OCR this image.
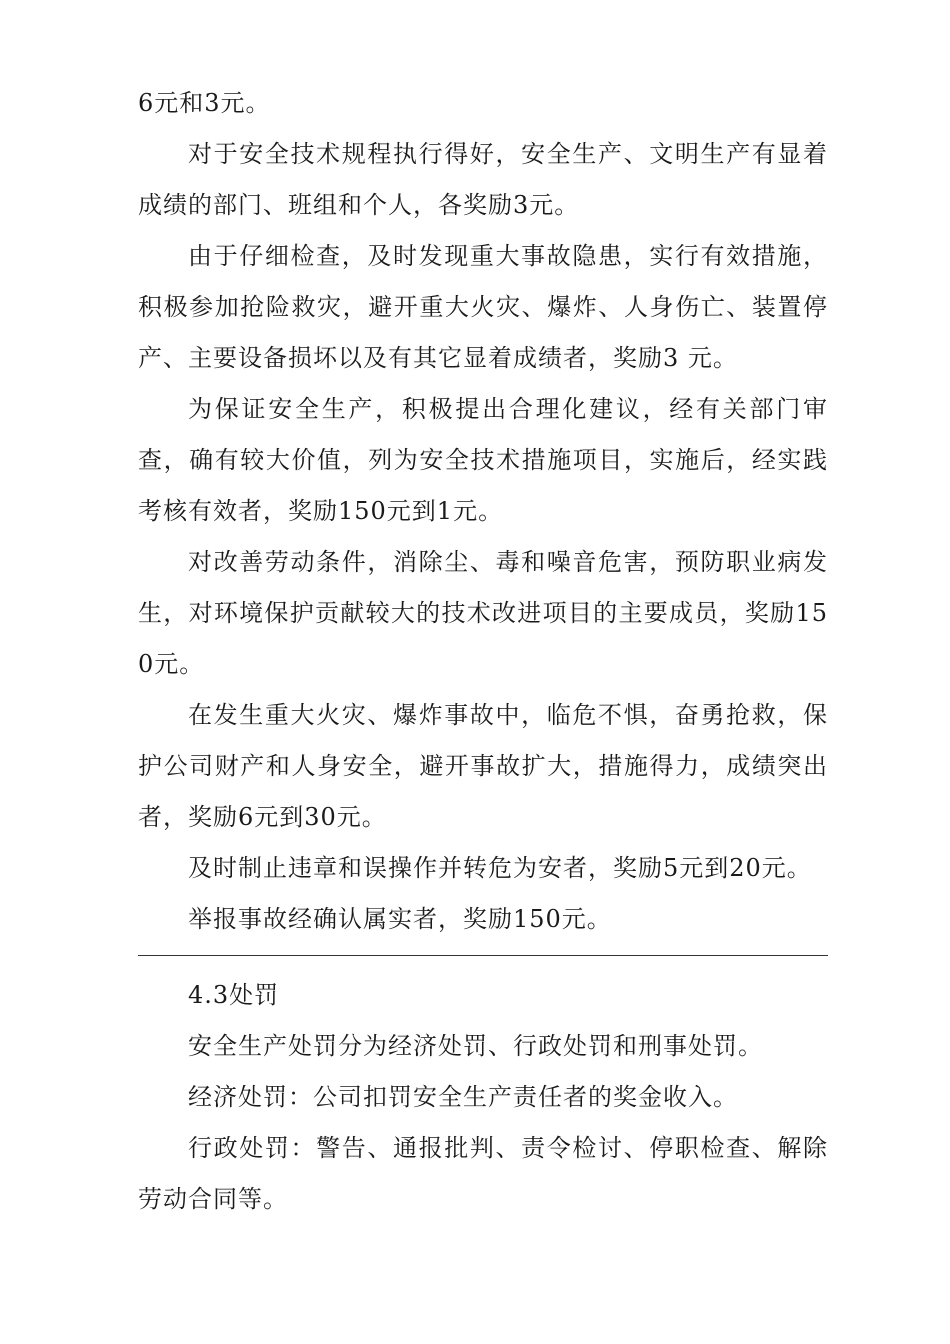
6元和3元。

对于安全技术规程执行得好，安全生产、文明生产有显着成绩的部门、班组和个人，各奖励3元。

由于仔细检查，及时发现重大事故隐患，实行有效措施，积极参加抢险救灾，避开重大火灾、爆炸、人身伤亡、装置停产、主要设备损坏以及有其它显着成绩者，奖励3 元。

为保证安全生产，积极提出合理化建议，经有关部门审查，确有较大价值，列为安全技术措施项目，实施后，经实践考核有效者，奖励150元到1元。

对改善劳动条件，消除尘、毒和噪音危害，预防职业病发生，对环境保护贡献较大的技术改进项目的主要成员，奖励150元。

在发生重大火灾、爆炸事故中，临危不惧，奋勇抢救，保护公司财产和人身安全，避开事故扩大，措施得力，成绩突出者，奖励6元到30元。

及时制止违章和误操作并转危为安者，奖励5元到20元。

举报事故经确认属实者，奖励150元。

4.3处罚

安全生产处罚分为经济处罚、行政处罚和刑事处罚。

经济处罚：公司扣罚安全生产责任者的奖金收入。

行政处罚：警告、通报批判、责令检讨、停职检查、解除劳动合同等。
